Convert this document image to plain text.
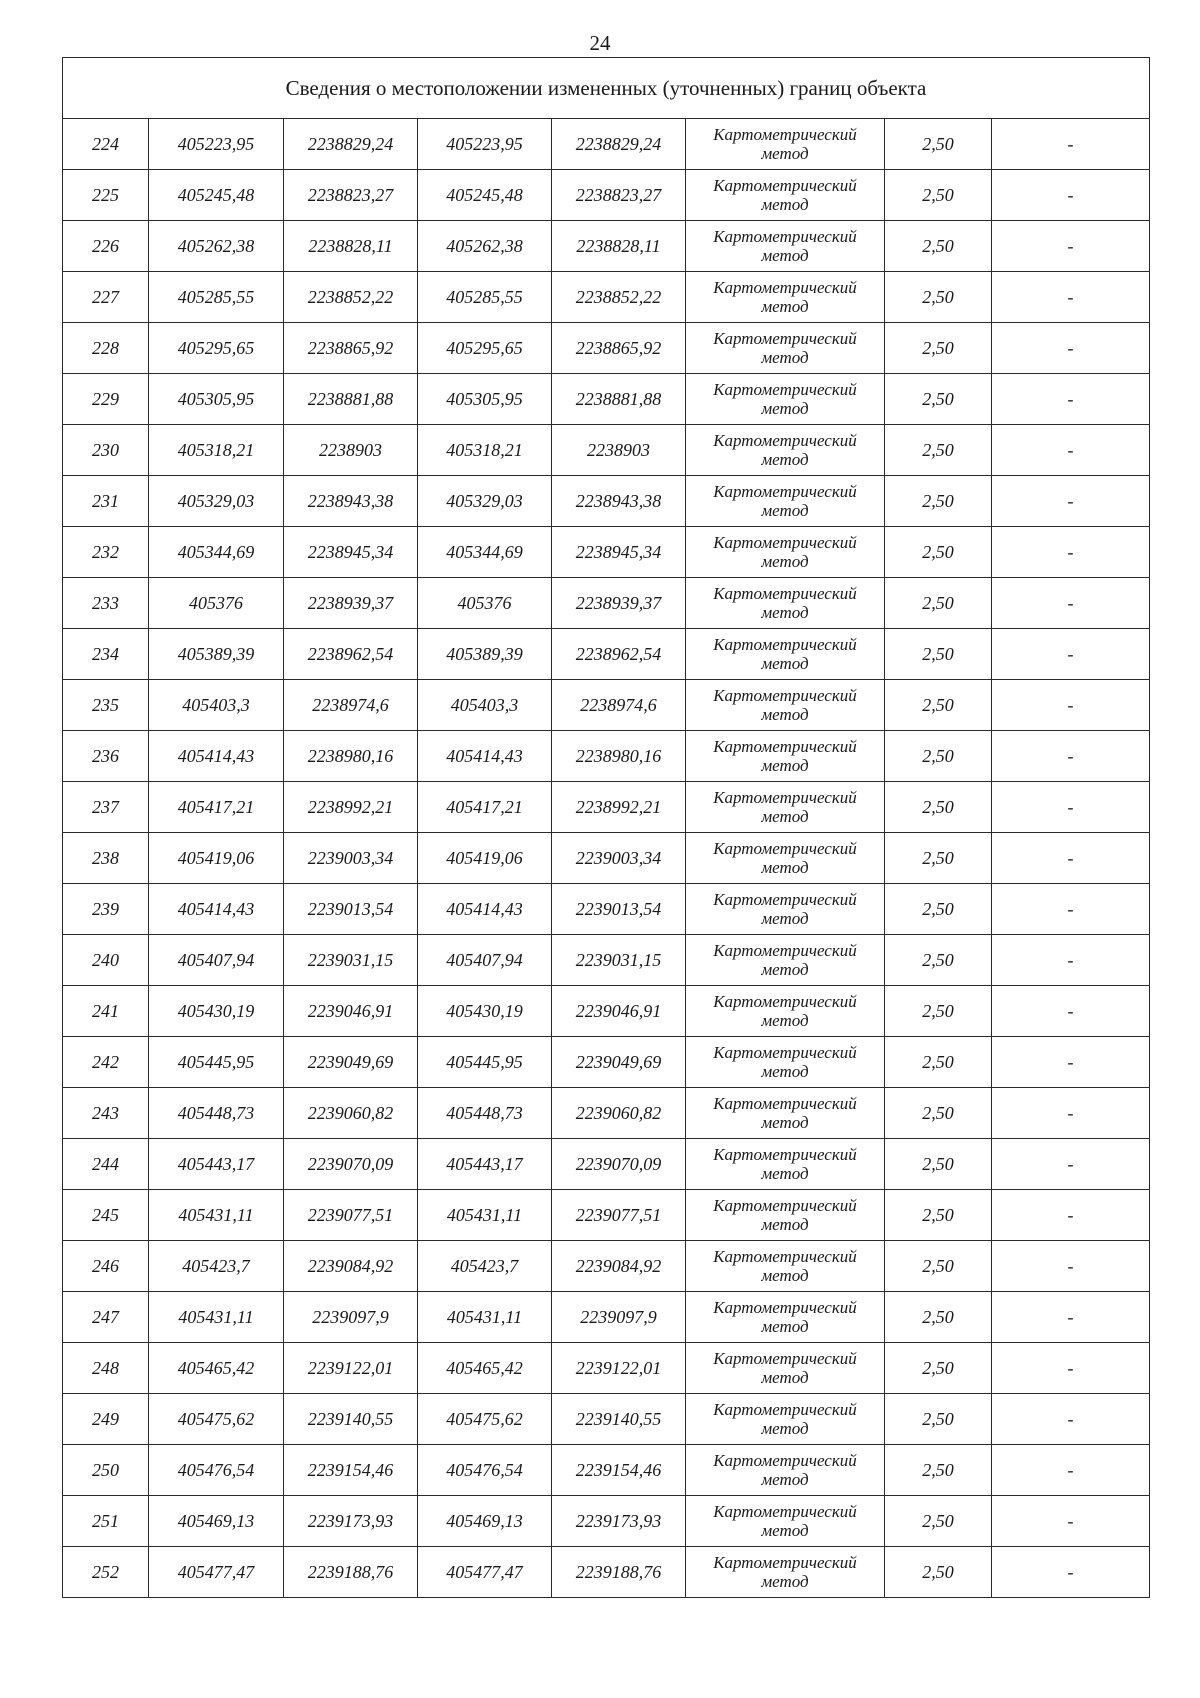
24
Сведения о местоположении измененных (уточненных) границ объекта							
224	405223,95	2238829,24	405223,95	2238829,24	Картометрический
метод	2,50	-
225	405245,48	2238823,27	405245,48	2238823,27	Картометрический
метод	2,50	-
226	405262,38	2238828,11	405262,38	2238828,11	Картометрический
метод	2,50	-
227	405285,55	2238852,22	405285,55	2238852,22	Картометрический
метод	2,50	-
228	405295,65	2238865,92	405295,65	2238865,92	Картометрический
метод	2,50	-
229	405305,95	2238881,88	405305,95	2238881,88	Картометрический
метод	2,50	-
230	405318,21	2238903	405318,21	2238903	Картометрический
метод	2,50	-
231	405329,03	2238943,38	405329,03	2238943,38	Картометрический
метод	2,50	-
232	405344,69	2238945,34	405344,69	2238945,34	Картометрический
метод	2,50	-
233	405376	2238939,37	405376	2238939,37	Картометрический
метод	2,50	-
234	405389,39	2238962,54	405389,39	2238962,54	Картометрический
метод	2,50	-
235	405403,3	2238974,6	405403,3	2238974,6	Картометрический
метод	2,50	-
236	405414,43	2238980,16	405414,43	2238980,16	Картометрический
метод	2,50	-
237	405417,21	2238992,21	405417,21	2238992,21	Картометрический
метод	2,50	-
238	405419,06	2239003,34	405419,06	2239003,34	Картометрический
метод	2,50	-
239	405414,43	2239013,54	405414,43	2239013,54	Картометрический
метод	2,50	-
240	405407,94	2239031,15	405407,94	2239031,15	Картометрический
метод	2,50	-
241	405430,19	2239046,91	405430,19	2239046,91	Картометрический
метод	2,50	-
242	405445,95	2239049,69	405445,95	2239049,69	Картометрический
метод	2,50	-
243	405448,73	2239060,82	405448,73	2239060,82	Картометрический
метод	2,50	-
244	405443,17	2239070,09	405443,17	2239070,09	Картометрический
метод	2,50	-
245	405431,11	2239077,51	405431,11	2239077,51	Картометрический
метод	2,50	-
246	405423,7	2239084,92	405423,7	2239084,92	Картометрический
метод	2,50	-
247	405431,11	2239097,9	405431,11	2239097,9	Картометрический
метод	2,50	-
248	405465,42	2239122,01	405465,42	2239122,01	Картометрический
метод	2,50	-
249	405475,62	2239140,55	405475,62	2239140,55	Картометрический
метод	2,50	-
250	405476,54	2239154,46	405476,54	2239154,46	Картометрический
метод	2,50	-
251	405469,13	2239173,93	405469,13	2239173,93	Картометрический
метод	2,50	-
252	405477,47	2239188,76	405477,47	2239188,76	Картометрический
метод	2,50	-
